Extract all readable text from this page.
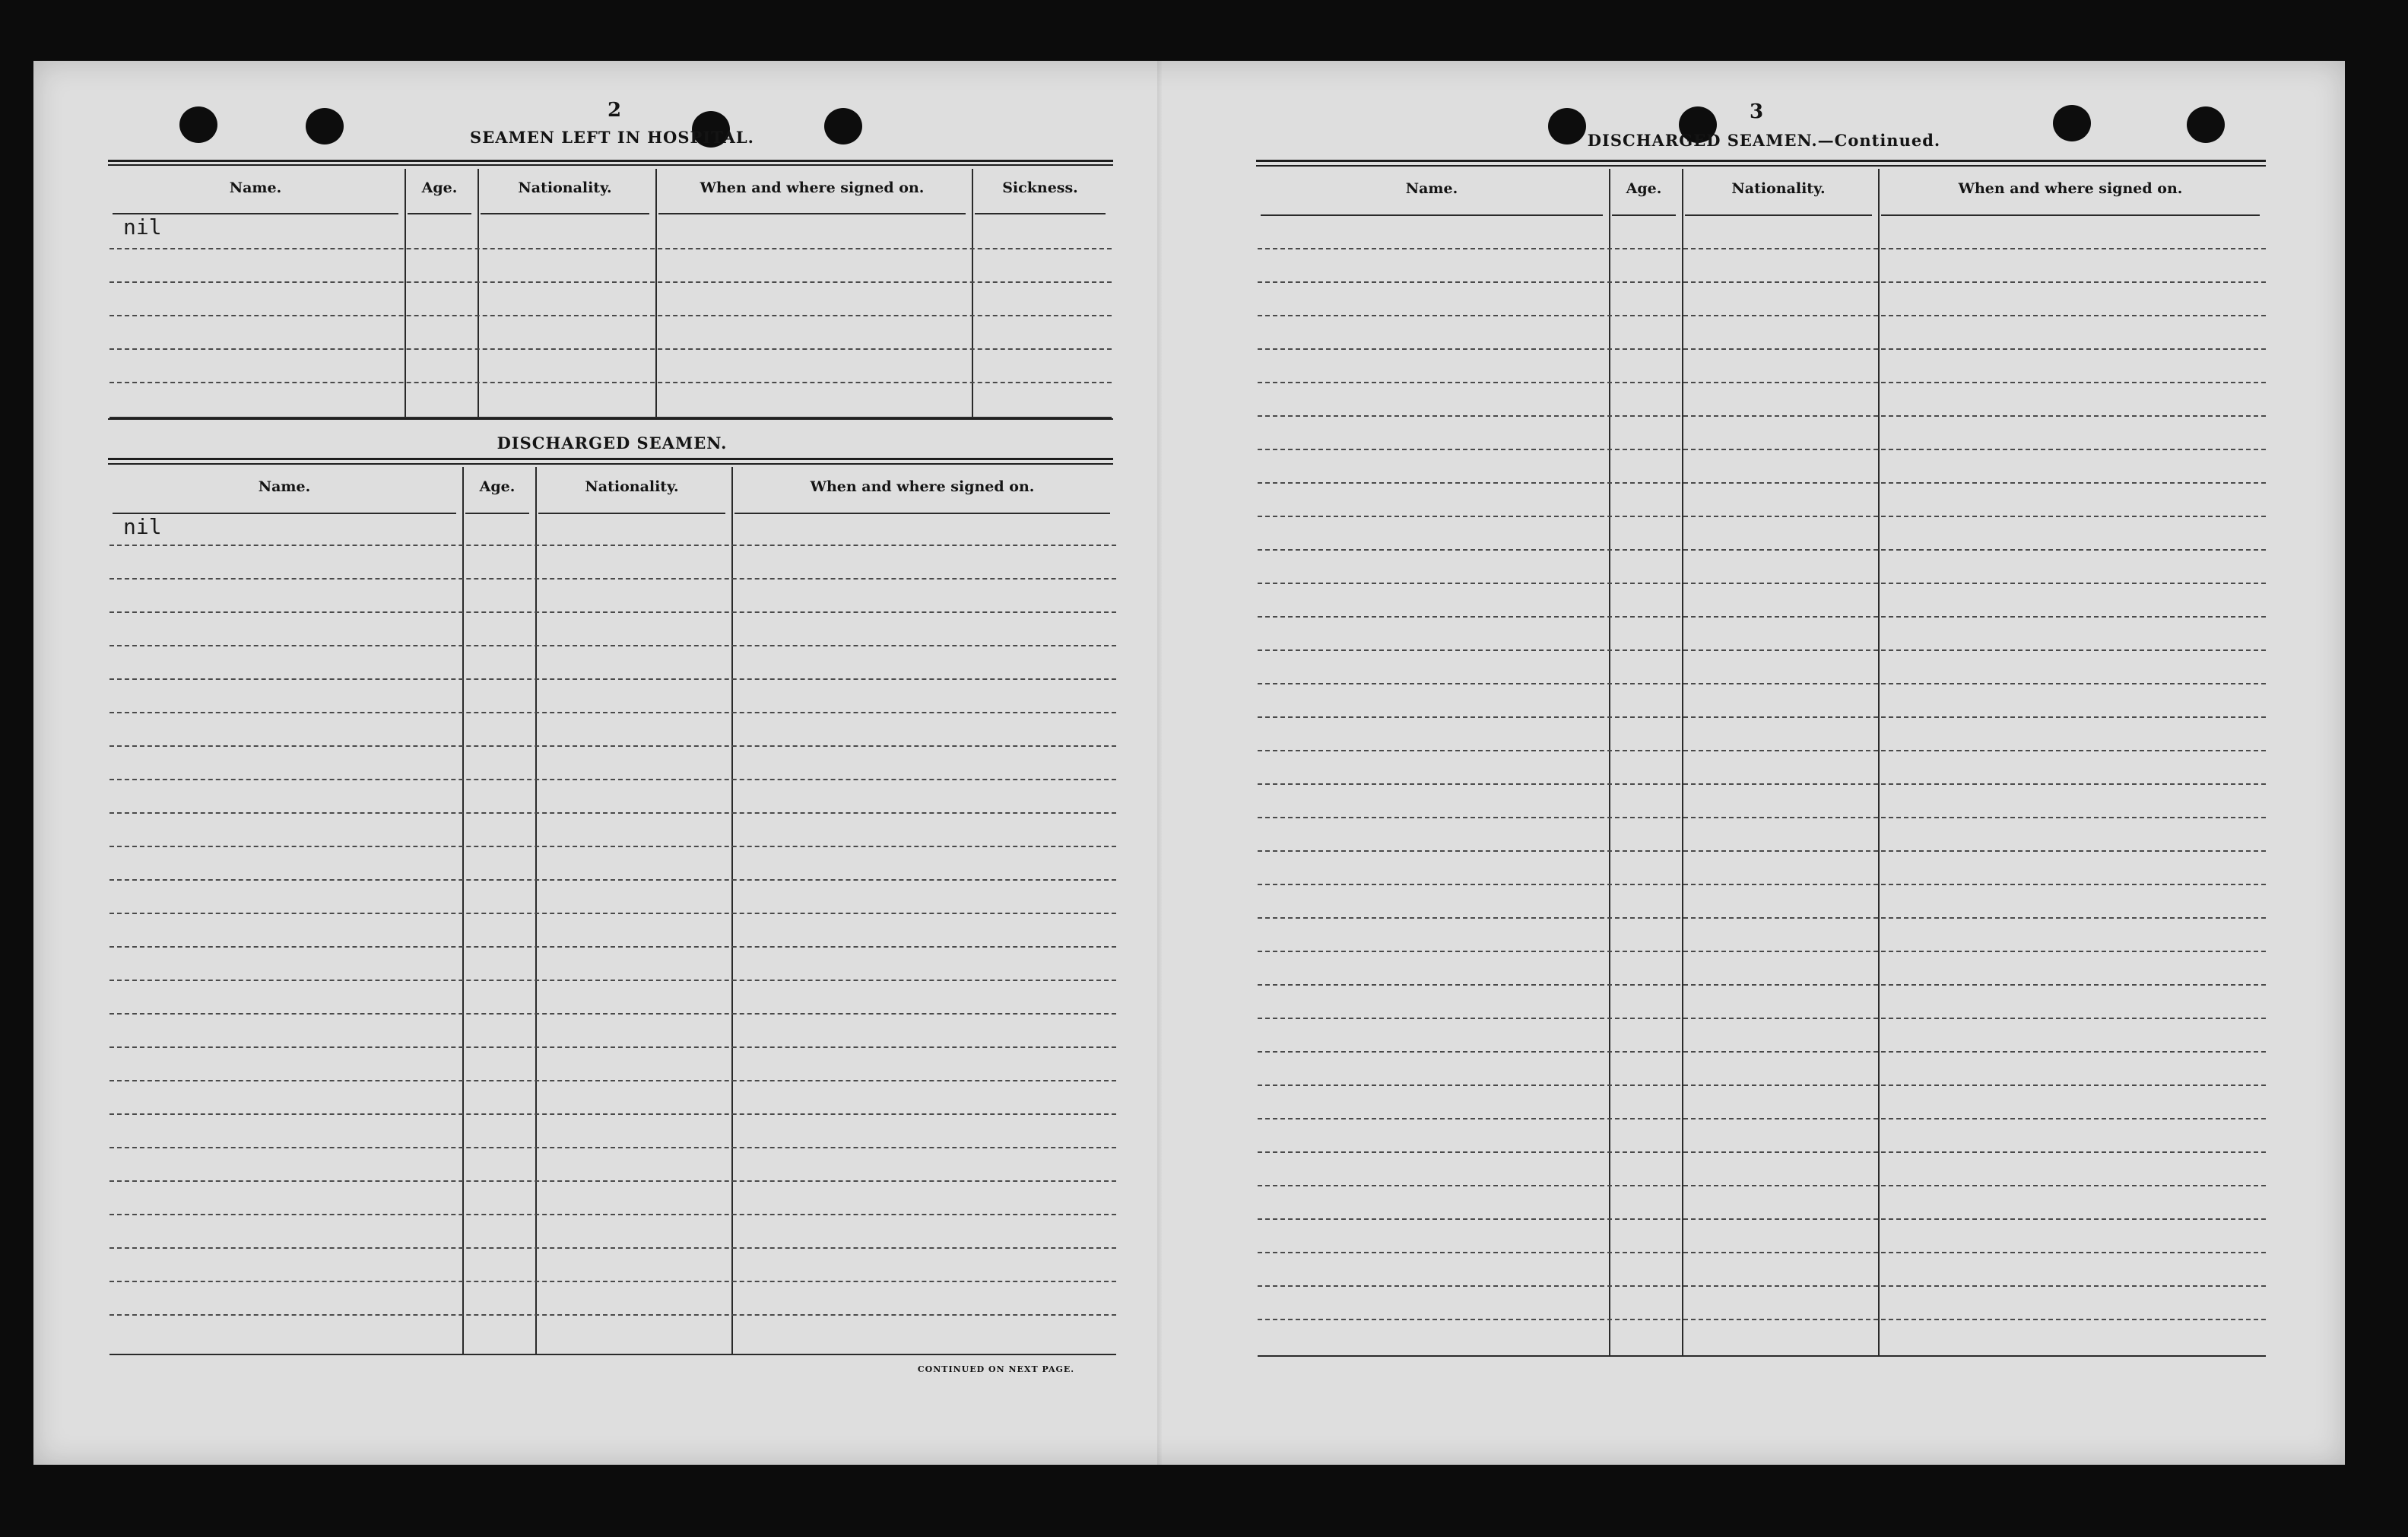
2
SEAMEN LEFT IN HOSPITAL.
DISCHARGED SEAMEN.
CONTINUED ON NEXT PAGE.
3
DISCHARGED SEAMEN.—Continued.
Name.	Age.	Nationality.	When and where signed on.	Sickness.
nil
Name.	Age.	Nationality.	When and where signed on.
nil
Name.	Age.	Nationality.	When and where signed on.
